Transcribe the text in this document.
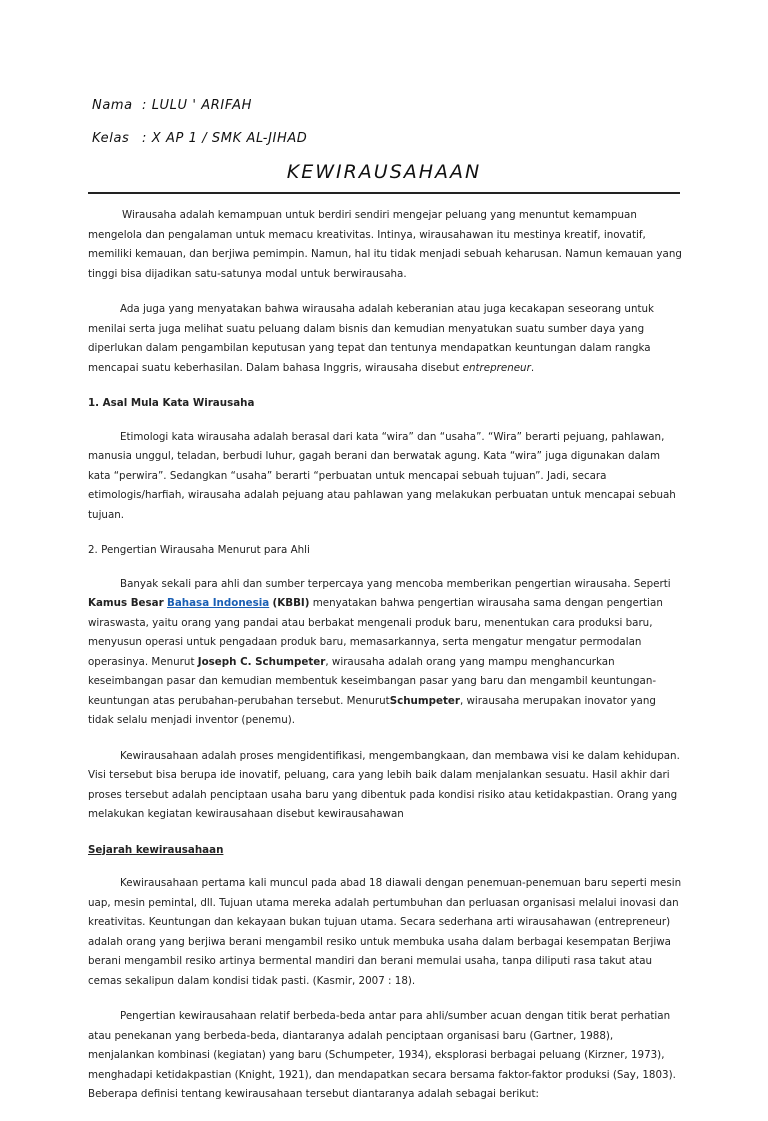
Nama : LULU ' ARIFAH
Kelas : X AP 1 / SMK AL-JIHAD
KEWIRAUSAHAAN

Wirausaha adalah kemampuan untuk berdiri sendiri mengejar peluang yang menuntut kemampuan mengelola dan pengalaman untuk memacu kreativitas. Intinya, wirausahawan itu mestinya kreatif, inovatif, memiliki kemauan, dan berjiwa pemimpin. Namun, hal itu tidak menjadi sebuah keharusan. Namun kemauan yang tinggi bisa dijadikan satu-satunya modal untuk berwirausaha.

Ada juga yang menyatakan bahwa wirausaha adalah keberanian atau juga kecakapan seseorang untuk menilai serta juga melihat suatu peluang dalam bisnis dan kemudian menyatukan suatu sumber daya yang diperlukan dalam pengambilan keputusan yang tepat dan tentunya mendapatkan keuntungan dalam rangka mencapai suatu keberhasilan. Dalam bahasa Inggris, wirausaha disebut entrepreneur.

1. Asal Mula Kata Wirausaha

Etimologi kata wirausaha adalah berasal dari kata “wira” dan “usaha”. “Wira” berarti pejuang, pahlawan, manusia unggul, teladan, berbudi luhur, gagah berani dan berwatak agung. Kata “wira” juga digunakan dalam kata “perwira”. Sedangkan “usaha” berarti “perbuatan untuk mencapai sebuah tujuan”. Jadi, secara etimologis/harfiah, wirausaha adalah pejuang atau pahlawan yang melakukan perbuatan untuk mencapai sebuah tujuan.

2. Pengertian Wirausaha Menurut para Ahli

Banyak sekali para ahli dan sumber terpercaya yang mencoba memberikan pengertian wirausaha. Seperti Kamus Besar Bahasa Indonesia (KBBI) menyatakan bahwa pengertian wirausaha sama dengan pengertian wiraswasta, yaitu orang yang pandai atau berbakat mengenali produk baru, menentukan cara produksi baru, menyusun operasi untuk pengadaan produk baru, memasarkannya, serta mengatur mengatur permodalan operasinya. Menurut Joseph C. Schumpeter, wirausaha adalah orang yang mampu menghancurkan keseimbangan pasar dan kemudian membentuk keseimbangan pasar yang baru dan mengambil keuntungan-keuntungan atas perubahan-perubahan tersebut. MenurutSchumpeter, wirausaha merupakan inovator yang tidak selalu menjadi inventor (penemu).

Kewirausahaan adalah proses mengidentifikasi, mengembangkaan, dan membawa visi ke dalam kehidupan. Visi tersebut bisa berupa ide inovatif, peluang, cara yang lebih baik dalam menjalankan sesuatu. Hasil akhir dari proses tersebut adalah penciptaan usaha baru yang dibentuk pada kondisi risiko atau ketidakpastian. Orang yang melakukan kegiatan kewirausahaan disebut kewirausahawan

Sejarah kewirausahaan

Kewirausahaan pertama kali muncul pada abad 18 diawali dengan penemuan-penemuan baru seperti mesin uap, mesin pemintal, dll. Tujuan utama mereka adalah pertumbuhan dan perluasan organisasi melalui inovasi dan kreativitas. Keuntungan dan kekayaan bukan tujuan utama. Secara sederhana arti wirausahawan (entrepreneur) adalah orang yang berjiwa berani mengambil resiko untuk membuka usaha dalam berbagai kesempatan Berjiwa berani mengambil resiko artinya bermental mandiri dan berani memulai usaha, tanpa diliputi rasa takut atau cemas sekalipun dalam kondisi tidak pasti. (Kasmir, 2007 : 18).

Pengertian kewirausahaan relatif berbeda-beda antar para ahli/sumber acuan dengan titik berat perhatian atau penekanan yang berbeda-beda, diantaranya adalah penciptaan organisasi baru (Gartner, 1988), menjalankan kombinasi (kegiatan) yang baru (Schumpeter, 1934), eksplorasi berbagai peluang (Kirzner, 1973), menghadapi ketidakpastian (Knight, 1921), dan mendapatkan secara bersama faktor-faktor produksi (Say, 1803). Beberapa definisi tentang kewirausahaan tersebut diantaranya adalah sebagai berikut:
